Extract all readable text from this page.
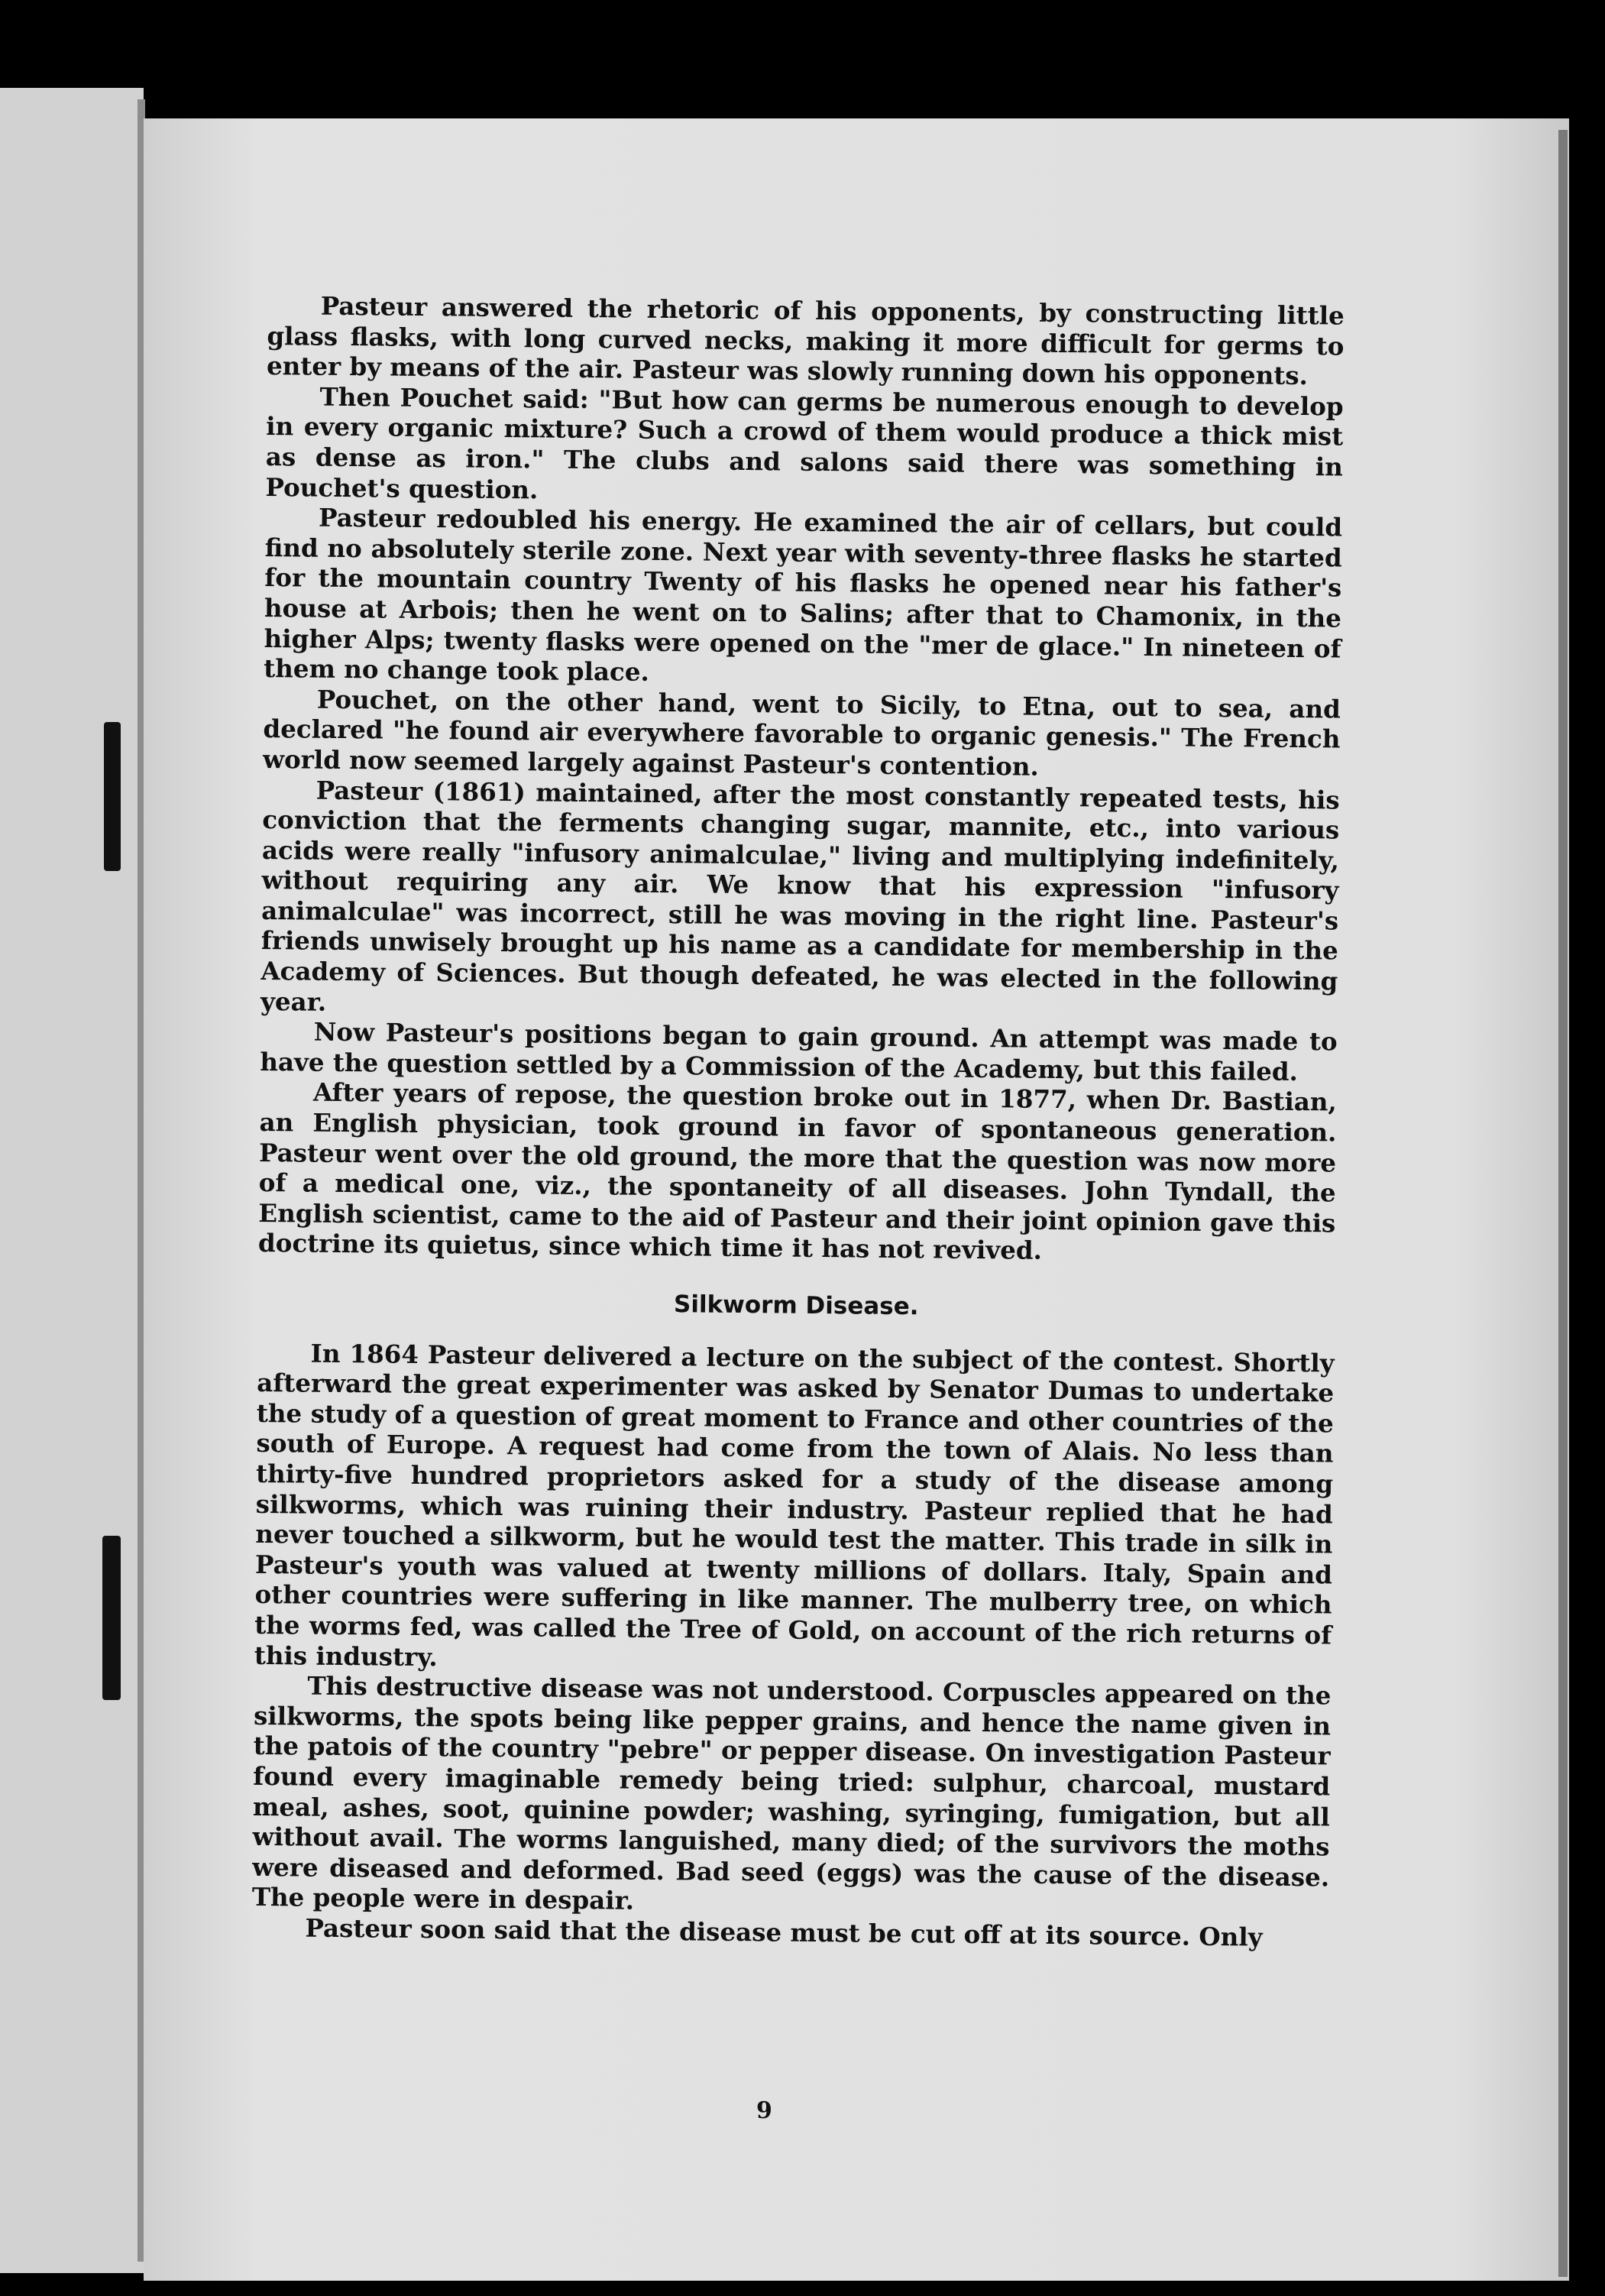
Pasteur answered the rhetoric of his opponents, by constructing little glass flasks, with long curved necks, making it more difficult for germs to enter by means of the air. Pasteur was slowly running down his opponents.

Then Pouchet said: "But how can germs be numerous enough to develop in every organic mixture? Such a crowd of them would produce a thick mist as dense as iron." The clubs and salons said there was something in Pouchet's question.

Pasteur redoubled his energy. He examined the air of cellars, but could find no absolutely sterile zone. Next year with seventy-three flasks he started for the mountain country Twenty of his flasks he opened near his father's house at Arbois; then he went on to Salins; after that to Chamonix, in the higher Alps; twenty flasks were opened on the "mer de glace." In nineteen of them no change took place.

Pouchet, on the other hand, went to Sicily, to Etna, out to sea, and declared "he found air everywhere favorable to organic genesis." The French world now seemed largely against Pasteur's contention.

Pasteur (1861) maintained, after the most constantly repeated tests, his conviction that the ferments changing sugar, mannite, etc., into various acids were really "infusory animalculae," living and multiplying indefinitely, without requiring any air. We know that his expression "infusory animalculae" was incorrect, still he was moving in the right line. Pasteur's friends unwisely brought up his name as a candidate for membership in the Academy of Sciences. But though defeated, he was elected in the following year.

Now Pasteur's positions began to gain ground. An attempt was made to have the question settled by a Commission of the Academy, but this failed.

After years of repose, the question broke out in 1877, when Dr. Bastian, an English physician, took ground in favor of spontaneous generation. Pasteur went over the old ground, the more that the question was now more of a medical one, viz., the spontaneity of all diseases. John Tyndall, the English scientist, came to the aid of Pasteur and their joint opinion gave this doctrine its quietus, since which time it has not revived.

Silkworm Disease.

In 1864 Pasteur delivered a lecture on the subject of the contest. Shortly afterward the great experimenter was asked by Senator Dumas to undertake the study of a question of great moment to France and other countries of the south of Europe. A request had come from the town of Alais. No less than thirty-five hundred proprietors asked for a study of the disease among silkworms, which was ruining their industry. Pasteur replied that he had never touched a silkworm, but he would test the matter. This trade in silk in Pasteur's youth was valued at twenty millions of dollars. Italy, Spain and other countries were suffering in like manner. The mulberry tree, on which the worms fed, was called the Tree of Gold, on account of the rich returns of this industry.

This destructive disease was not understood. Corpuscles appeared on the silkworms, the spots being like pepper grains, and hence the name given in the patois of the country "pebre" or pepper disease. On investigation Pasteur found every imaginable remedy being tried: sulphur, charcoal, mustard meal, ashes, soot, quinine powder; washing, syringing, fumigation, but all without avail. The worms languished, many died; of the survivors the moths were diseased and deformed. Bad seed (eggs) was the cause of the disease. The people were in despair.

Pasteur soon said that the disease must be cut off at its source. Only

9
